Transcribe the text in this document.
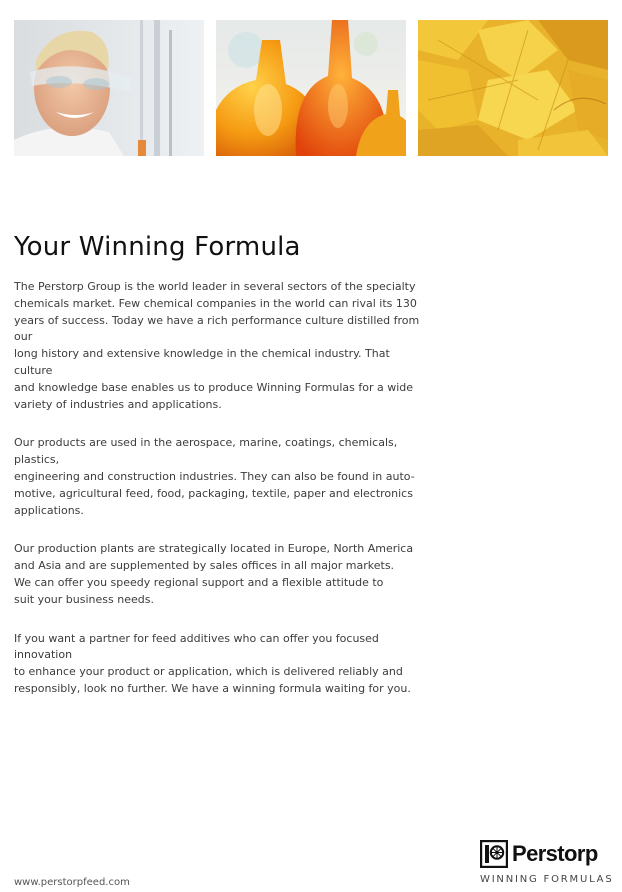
Your Winning Formula

The Perstorp Group is the world leader in several sectors of the specialty
chemicals market. Few chemical companies in the world can rival its 130
years of success. Today we have a rich performance culture distilled from our
long history and extensive knowledge in the chemical industry. That culture
and knowledge base enables us to produce Winning Formulas for a wide
variety of industries and applications.

Our products are used in the aerospace, marine, coatings, chemicals, plastics,
engineering and construction industries. They can also be found in auto-
motive, agricultural feed, food, packaging, textile, paper and electronics
applications.

Our production plants are strategically located in Europe, North America
and Asia and are supplemented by sales offices in all major markets.
We can offer you speedy regional support and a flexible attitude to
suit your business needs.

If you want a partner for feed additives who can offer you focused innovation
to enhance your product or application, which is delivered reliably and
responsibly, look no further. We have a winning formula waiting for you.

www.perstorpfeed.com
Perstorp
WINNING FORMULAS
